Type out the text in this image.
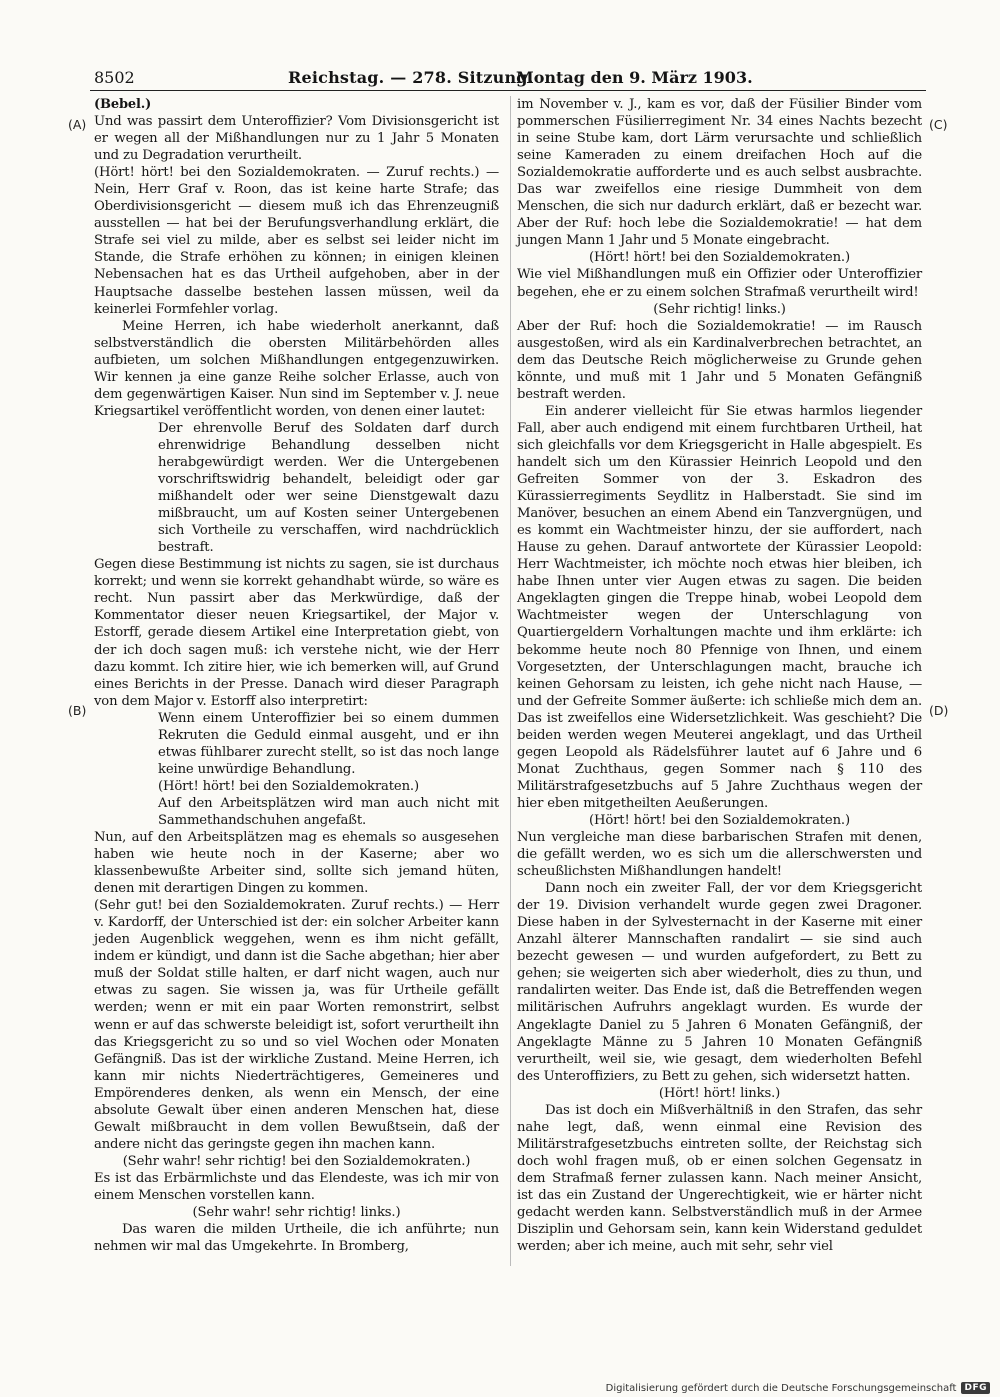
8502	Reichstag. — 278. Sitzung.
Montag den 9. März 1903.
(A)
(B)
(C)
(D)

(Bebel.)

Und was passirt dem Unteroffizier? Vom Divisionsgericht ist er wegen all der Mißhandlungen nur zu 1 Jahr 5 Monaten und zu Degradation verurtheilt.

(Hört! hört! bei den Sozialdemokraten. — Zuruf rechts.) — Nein, Herr Graf v. Roon, das ist keine harte Strafe; das Oberdivisionsgericht — diesem muß ich das Ehrenzeugniß ausstellen — hat bei der Berufungsverhandlung erklärt, die Strafe sei viel zu milde, aber es selbst sei leider nicht im Stande, die Strafe erhöhen zu können; in einigen kleinen Nebensachen hat es das Urtheil aufgehoben, aber in der Hauptsache dasselbe bestehen lassen müssen, weil da keinerlei Formfehler vorlag.

Meine Herren, ich habe wiederholt anerkannt, daß selbstverständlich die obersten Militärbehörden alles aufbieten, um solchen Mißhandlungen entgegenzuwirken. Wir kennen ja eine ganze Reihe solcher Erlasse, auch von dem gegenwärtigen Kaiser. Nun sind im September v. J. neue Kriegsartikel veröffentlicht worden, von denen einer lautet:

Der ehrenvolle Beruf des Soldaten darf durch ehrenwidrige Behandlung desselben nicht herabgewürdigt werden. Wer die Untergebenen vorschriftswidrig behandelt, beleidigt oder gar mißhandelt oder wer seine Dienstgewalt dazu mißbraucht, um auf Kosten seiner Untergebenen sich Vortheile zu verschaffen, wird nachdrücklich bestraft.

Gegen diese Bestimmung ist nichts zu sagen, sie ist durchaus korrekt; und wenn sie korrekt gehandhabt würde, so wäre es recht. Nun passirt aber das Merkwürdige, daß der Kommentator dieser neuen Kriegsartikel, der Major v. Estorff, gerade diesem Artikel eine Interpretation giebt, von der ich doch sagen muß: ich verstehe nicht, wie der Herr dazu kommt. Ich zitire hier, wie ich bemerken will, auf Grund eines Berichts in der Presse. Danach wird dieser Paragraph von dem Major v. Estorff also interpretirt:

Wenn einem Unteroffizier bei so einem dummen Rekruten die Geduld einmal ausgeht, und er ihn etwas fühlbarer zurecht stellt, so ist das noch lange keine unwürdige Behandlung.

(Hört! hört! bei den Sozialdemokraten.)

Auf den Arbeitsplätzen wird man auch nicht mit Sammethandschuhen angefaßt.

Nun, auf den Arbeitsplätzen mag es ehemals so ausgesehen haben wie heute noch in der Kaserne; aber wo klassenbewußte Arbeiter sind, sollte sich jemand hüten, denen mit derartigen Dingen zu kommen.

(Sehr gut! bei den Sozialdemokraten. Zuruf rechts.) — Herr v. Kardorff, der Unterschied ist der: ein solcher Arbeiter kann jeden Augenblick weggehen, wenn es ihm nicht gefällt, indem er kündigt, und dann ist die Sache abgethan; hier aber muß der Soldat stille halten, er darf nicht wagen, auch nur etwas zu sagen. Sie wissen ja, was für Urtheile gefällt werden; wenn er mit ein paar Worten remonstrirt, selbst wenn er auf das schwerste beleidigt ist, sofort verurtheilt ihn das Kriegsgericht zu so und so viel Wochen oder Monaten Gefängniß. Das ist der wirkliche Zustand. Meine Herren, ich kann mir nichts Niederträchtigeres, Gemeineres und Empörenderes denken, als wenn ein Mensch, der eine absolute Gewalt über einen anderen Menschen hat, diese Gewalt mißbraucht in dem vollen Bewußtsein, daß der andere nicht das geringste gegen ihn machen kann.

(Sehr wahr! sehr richtig! bei den Sozialdemokraten.)

Es ist das Erbärmlichste und das Elendeste, was ich mir von einem Menschen vorstellen kann.

(Sehr wahr! sehr richtig! links.)

Das waren die milden Urtheile, die ich anführte; nun nehmen wir mal das Umgekehrte. In Bromberg,

im November v. J., kam es vor, daß der Füsilier Binder vom pommerschen Füsilierregiment Nr. 34 eines Nachts bezecht in seine Stube kam, dort Lärm verursachte und schließlich seine Kameraden zu einem dreifachen Hoch auf die Sozialdemokratie aufforderte und es auch selbst ausbrachte. Das war zweifellos eine riesige Dummheit von dem Menschen, die sich nur dadurch erklärt, daß er bezecht war. Aber der Ruf: hoch lebe die Sozialdemokratie! — hat dem jungen Mann 1 Jahr und 5 Monate eingebracht.

(Hört! hört! bei den Sozialdemokraten.)

Wie viel Mißhandlungen muß ein Offizier oder Unteroffizier begehen, ehe er zu einem solchen Strafmaß verurtheilt wird!

(Sehr richtig! links.)

Aber der Ruf: hoch die Sozialdemokratie! — im Rausch ausgestoßen, wird als ein Kardinalverbrechen betrachtet, an dem das Deutsche Reich möglicherweise zu Grunde gehen könnte, und muß mit 1 Jahr und 5 Monaten Gefängniß bestraft werden.

Ein anderer vielleicht für Sie etwas harmlos liegender Fall, aber auch endigend mit einem furchtbaren Urtheil, hat sich gleichfalls vor dem Kriegsgericht in Halle abgespielt. Es handelt sich um den Kürassier Heinrich Leopold und den Gefreiten Sommer von der 3. Eskadron des Kürassierregiments Seydlitz in Halberstadt. Sie sind im Manöver, besuchen an einem Abend ein Tanzvergnügen, und es kommt ein Wachtmeister hinzu, der sie auffordert, nach Hause zu gehen. Darauf antwortete der Kürassier Leopold: Herr Wachtmeister, ich möchte noch etwas hier bleiben, ich habe Ihnen unter vier Augen etwas zu sagen. Die beiden Angeklagten gingen die Treppe hinab, wobei Leopold dem Wachtmeister wegen der Unterschlagung von Quartiergeldern Vorhaltungen machte und ihm erklärte: ich bekomme heute noch 80 Pfennige von Ihnen, und einem Vorgesetzten, der Unterschlagungen macht, brauche ich keinen Gehorsam zu leisten, ich gehe nicht nach Hause, — und der Gefreite Sommer äußerte: ich schließe mich dem an. Das ist zweifellos eine Widersetzlichkeit. Was geschieht? Die beiden werden wegen Meuterei angeklagt, und das Urtheil gegen Leopold als Rädelsführer lautet auf 6 Jahre und 6 Monat Zuchthaus, gegen Sommer nach § 110 des Militärstrafgesetzbuchs auf 5 Jahre Zuchthaus wegen der hier eben mitgetheilten Aeußerungen.

(Hört! hört! bei den Sozialdemokraten.)

Nun vergleiche man diese barbarischen Strafen mit denen, die gefällt werden, wo es sich um die allerschwersten und scheußlichsten Mißhandlungen handelt!

Dann noch ein zweiter Fall, der vor dem Kriegsgericht der 19. Division verhandelt wurde gegen zwei Dragoner. Diese haben in der Sylvesternacht in der Kaserne mit einer Anzahl älterer Mannschaften randalirt — sie sind auch bezecht gewesen — und wurden aufgefordert, zu Bett zu gehen; sie weigerten sich aber wiederholt, dies zu thun, und randalirten weiter. Das Ende ist, daß die Betreffenden wegen militärischen Aufruhrs angeklagt wurden. Es wurde der Angeklagte Daniel zu 5 Jahren 6 Monaten Gefängniß, der Angeklagte Männe zu 5 Jahren 10 Monaten Gefängniß verurtheilt, weil sie, wie gesagt, dem wiederholten Befehl des Unteroffiziers, zu Bett zu gehen, sich widersetzt hatten.

(Hört! hört! links.)

Das ist doch ein Mißverhältniß in den Strafen, das sehr nahe legt, daß, wenn einmal eine Revision des Militärstrafgesetzbuchs eintreten sollte, der Reichstag sich doch wohl fragen muß, ob er einen solchen Gegensatz in dem Strafmaß ferner zulassen kann. Nach meiner Ansicht, ist das ein Zustand der Ungerechtigkeit, wie er härter nicht gedacht werden kann. Selbstverständlich muß in der Armee Disziplin und Gehorsam sein, kann kein Widerstand geduldet werden; aber ich meine, auch mit sehr, sehr viel

Digitalisierung gefördert durch die Deutsche Forschungsgemeinschaft DFG
